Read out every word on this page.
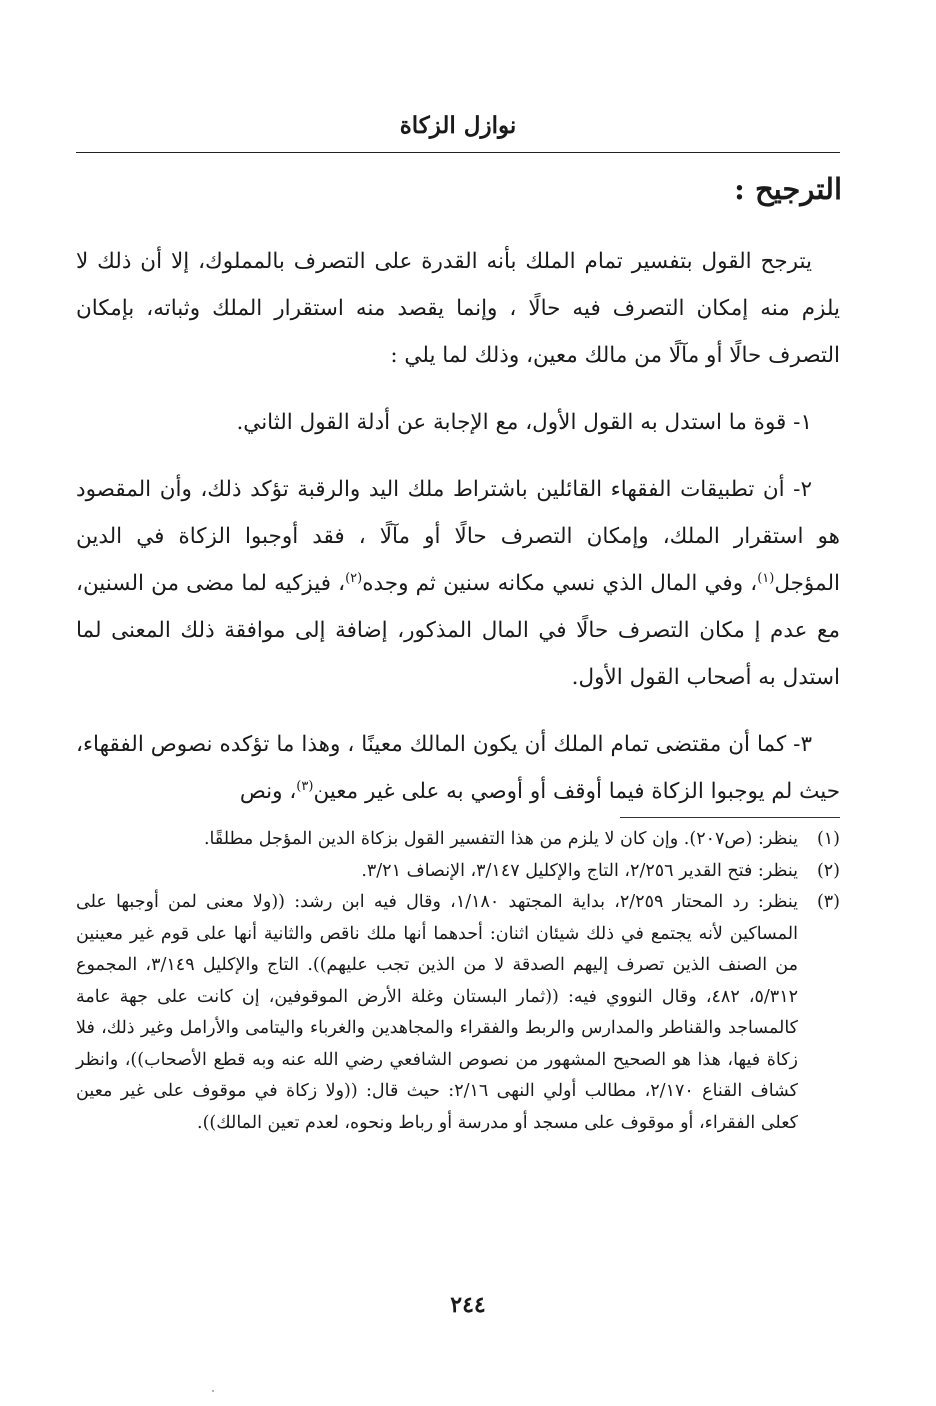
نوازل الزكاة
الترجيح :

يترجح القول بتفسير تمام الملك بأنه القدرة على التصرف بالمملوك، إلا أن ذلك لا يلزم منه إمكان التصرف فيه حالًا ، وإنما يقصد منه استقرار الملك وثباته، بإمكان التصرف حالًا أو مآلًا من مالك معين، وذلك لما يلي :

١- قوة ما استدل به القول الأول، مع الإجابة عن أدلة القول الثاني.

٢- أن تطبيقات الفقهاء القائلين باشتراط ملك اليد والرقبة تؤكد ذلك، وأن المقصود هو استقرار الملك، وإمكان التصرف حالًا أو مآلًا ، فقد أوجبوا الزكاة في الدين المؤجل$^{(١)}$، وفي المال الذي نسي مكانه سنين ثم وجده$^{(٢)}$، فيزكيه لما مضى من السنين، مع عدم إ مكان التصرف حالًا في المال المذكور، إضافة إلى موافقة ذلك المعنى لما استدل به أصحاب القول الأول.

٣- كما أن مقتضى تمام الملك أن يكون المالك معينًا ، وهذا ما تؤكده نصوص الفقهاء، حيث لم يوجبوا الزكاة فيما أوقف أو أوصي به على غير معين$^{(٣)}$، ونص

(١)
ينظر: (ص٢٠٧). وإن كان لا يلزم من هذا التفسير القول بزكاة الدين المؤجل مطلقًا.
(٢)
ينظر: فتح القدير ٢/٢٥٦، التاج والإكليل ٣/١٤٧، الإنصاف ٣/٢١.
(٣)
ينظر: رد المحتار ٢/٢٥٩، بداية المجتهد ١/١٨٠، وقال فيه ابن رشد: ((ولا معنى لمن أوجبها على المساكين لأنه يجتمع في ذلك شيئان اثنان: أحدهما أنها ملك ناقص والثانية أنها على قوم غير معينين من الصنف الذين تصرف إليهم الصدقة لا من الذين تجب عليهم)). التاج والإكليل ٣/١٤٩، المجموع ٥/٣١٢، ٤٨٢، وقال النووي فيه: ((ثمار البستان وغلة الأرض الموقوفين، إن كانت على جهة عامة كالمساجد والقناطر والمدارس والربط والفقراء والمجاهدين والغرباء واليتامى والأرامل وغير ذلك، فلا زكاة فيها، هذا هو الصحيح المشهور من نصوص الشافعي رضي الله عنه وبه قطع الأصحاب))، وانظر كشاف القناع ٢/١٧٠، مطالب أولي النهى ٢/١٦: حيث قال: ((ولا زكاة في موقوف على غير معين كعلى الفقراء، أو موقوف على مسجد أو مدرسة أو رباط ونحوه، لعدم تعين المالك)).
٢٤٤
